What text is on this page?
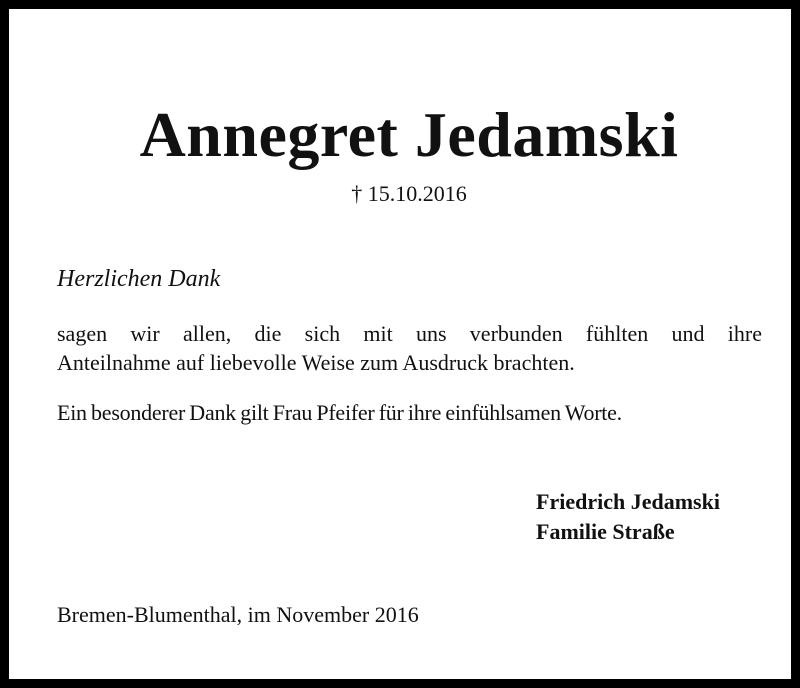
Annegret Jedamski
† 15.10.2016
Herzlichen Dank
sagen wir allen, die sich mit uns verbunden fühlten und ihre
Anteilnahme auf liebevolle Weise zum Ausdruck brachten.
Ein besonderer Dank gilt Frau Pfeifer für ihre einfühlsamen Worte.
Friedrich Jedamski
Familie Straße
Bremen-Blumenthal, im November 2016
